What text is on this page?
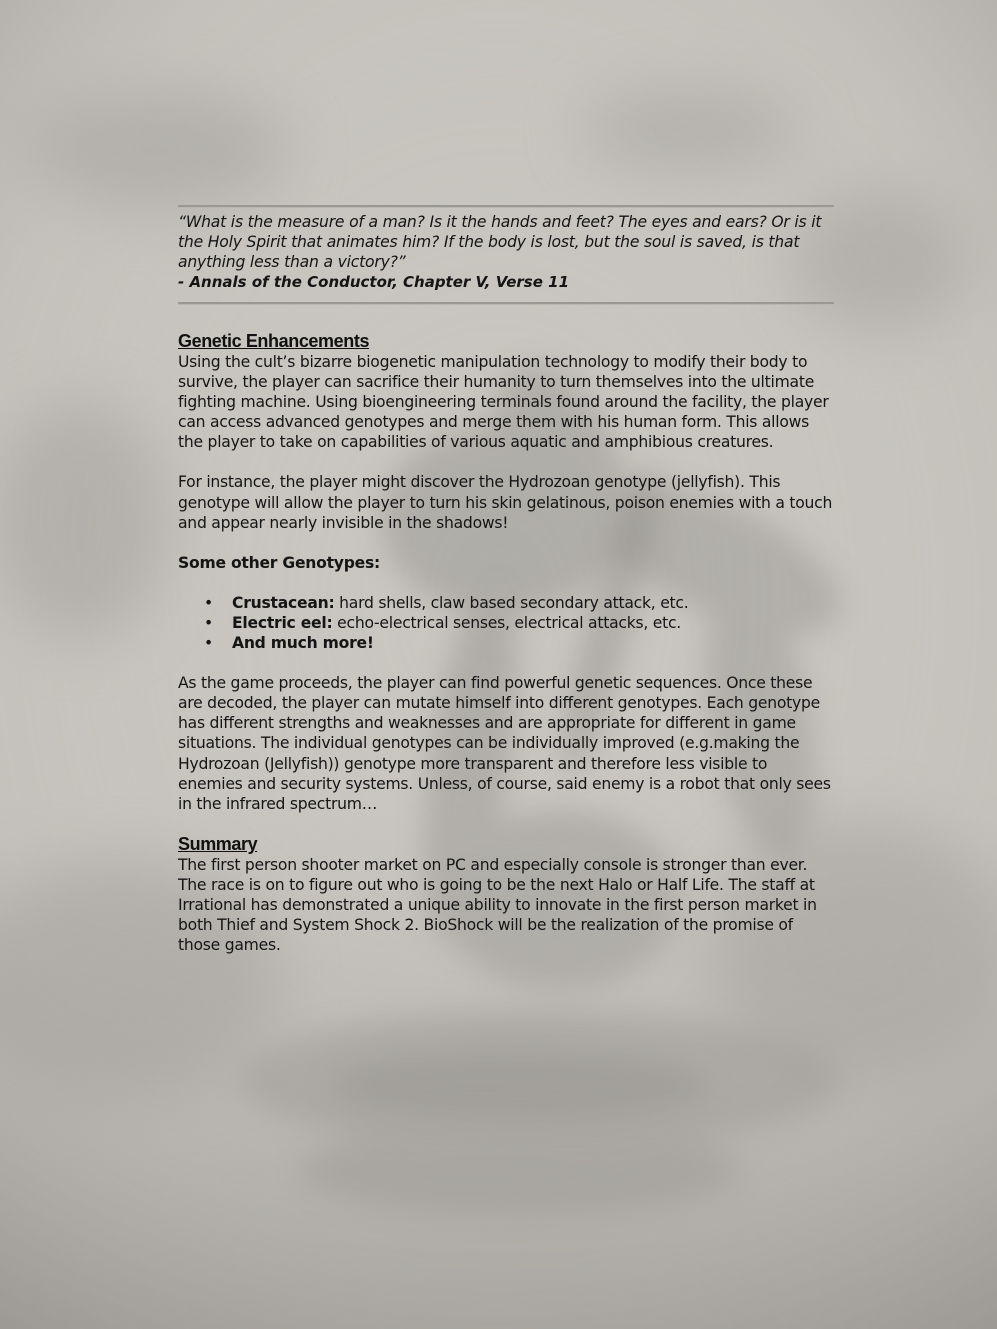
“What is the measure of a man? Is it the hands and feet? The eyes and ears? Or is it the Holy Spirit that animates him? If the body is lost, but the soul is saved, is that anything less than a victory?”
- Annals of the Conductor, Chapter V, Verse 11
Genetic Enhancements

Using the cult’s bizarre biogenetic manipulation technology to modify their body to survive, the player can sacrifice their humanity to turn themselves into the ultimate fighting machine. Using bioengineering terminals found around the facility, the player can access advanced genotypes and merge them with his human form. This allows the player to take on capabilities of various aquatic and amphibious creatures.

For instance, the player might discover the Hydrozoan genotype (jellyfish). This genotype will allow the player to turn his skin gelatinous, poison enemies with a touch and appear nearly invisible in the shadows!

Some other Genotypes:

• Crustacean: hard shells, claw based secondary attack, etc.
• Electric eel: echo-electrical senses, electrical attacks, etc.
• And much more!

As the game proceeds, the player can find powerful genetic sequences. Once these are decoded, the player can mutate himself into different genotypes. Each genotype has different strengths and weaknesses and are appropriate for different in game situations. The individual genotypes can be individually improved (e.g.making the Hydrozoan (Jellyfish)) genotype more transparent and therefore less visible to enemies and security systems. Unless, of course, said enemy is a robot that only sees in the infrared spectrum…

Summary

The first person shooter market on PC and especially console is stronger than ever. The race is on to figure out who is going to be the next Halo or Half Life. The staff at Irrational has demonstrated a unique ability to innovate in the first person market in both Thief and System Shock 2. BioShock will be the realization of the promise of those games.
